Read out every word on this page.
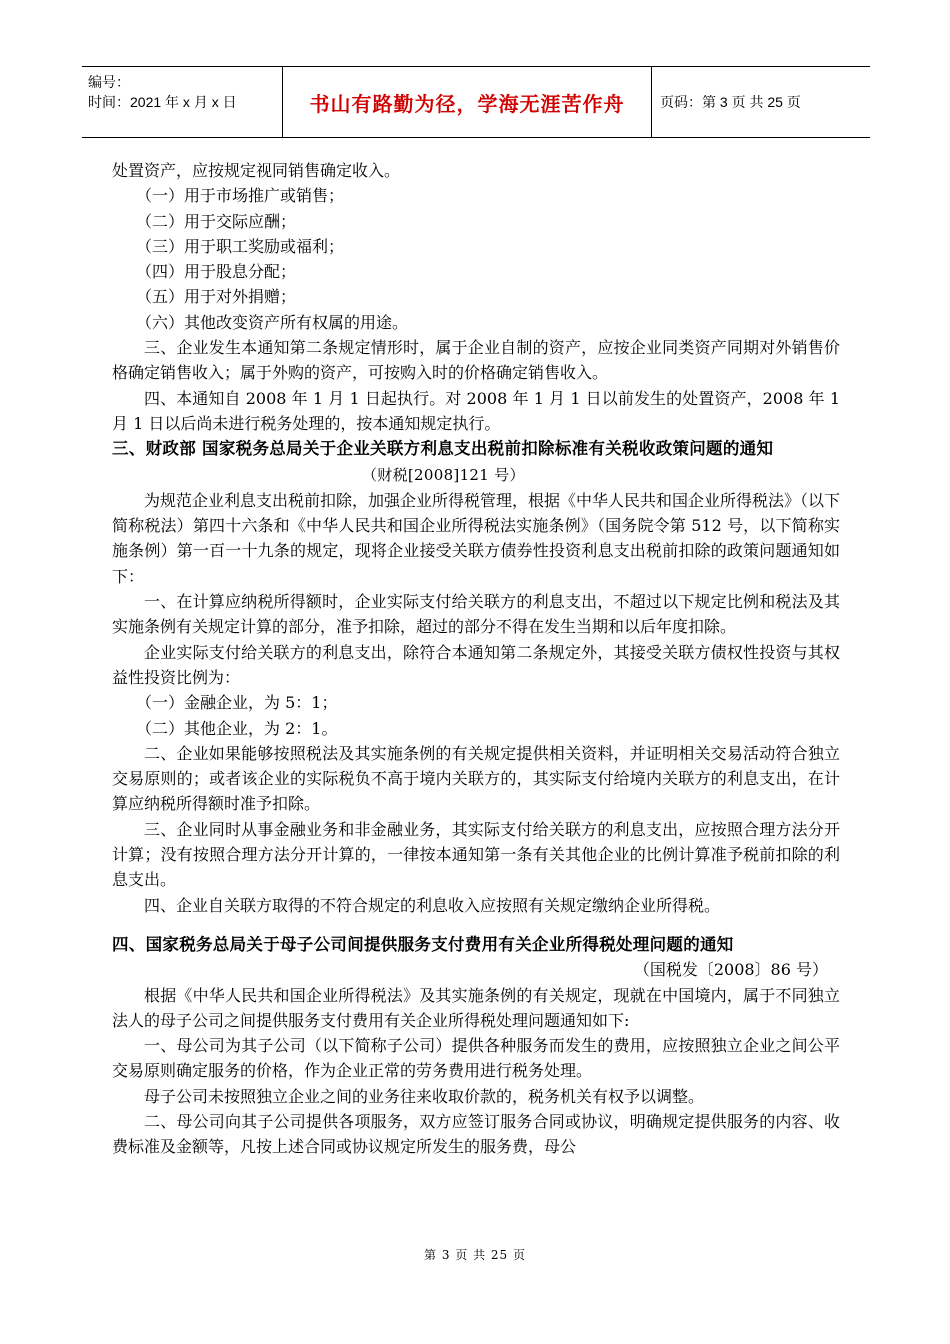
编号：
时间：2021 年 x 月 x 日	书山有路勤为径，学海无涯苦作舟	页码：第 3 页 共 25 页

处置资产，应按规定视同销售确定收入。

（一）用于市场推广或销售；

（二）用于交际应酬；

（三）用于职工奖励或福利；

（四）用于股息分配；

（五）用于对外捐赠；

（六）其他改变资产所有权属的用途。

三、企业发生本通知第二条规定情形时，属于企业自制的资产，应按企业同类资产同期对外销售价格确定销售收入；属于外购的资产，可按购入时的价格确定销售收入。

四、本通知自 2008 年 1 月 1 日起执行。对 2008 年 1 月 1 日以前发生的处置资产，2008 年 1 月 1 日以后尚未进行税务处理的，按本通知规定执行。

三、财政部 国家税务总局关于企业关联方利息支出税前扣除标准有关税收政策问题的通知（财税[2008]121 号）

为规范企业利息支出税前扣除，加强企业所得税管理，根据《中华人民共和国企业所得税法》（以下简称税法）第四十六条和《中华人民共和国企业所得税法实施条例》（国务院令第 512 号，以下简称实施条例）第一百一十九条的规定，现将企业接受关联方债券性投资利息支出税前扣除的政策问题通知如下：

一、在计算应纳税所得额时，企业实际支付给关联方的利息支出，不超过以下规定比例和税法及其实施条例有关规定计算的部分，准予扣除，超过的部分不得在发生当期和以后年度扣除。

企业实际支付给关联方的利息支出，除符合本通知第二条规定外，其接受关联方债权性投资与其权益性投资比例为：

（一）金融企业，为 5：1；

（二）其他企业，为 2：1。

二、企业如果能够按照税法及其实施条例的有关规定提供相关资料，并证明相关交易活动符合独立交易原则的；或者该企业的实际税负不高于境内关联方的，其实际支付给境内关联方的利息支出，在计算应纳税所得额时准予扣除。

三、企业同时从事金融业务和非金融业务，其实际支付给关联方的利息支出，应按照合理方法分开计算；没有按照合理方法分开计算的，一律按本通知第一条有关其他企业的比例计算准予税前扣除的利息支出。

四、企业自关联方取得的不符合规定的利息收入应按照有关规定缴纳企业所得税。

四、国家税务总局关于母子公司间提供服务支付费用有关企业所得税处理问题的通知

（国税发〔2008〕86 号）

根据《中华人民共和国企业所得税法》及其实施条例的有关规定，现就在中国境内，属于不同独立法人的母子公司之间提供服务支付费用有关企业所得税处理问题通知如下:

一、母公司为其子公司（以下简称子公司）提供各种服务而发生的费用，应按照独立企业之间公平交易原则确定服务的价格，作为企业正常的劳务费用进行税务处理。

母子公司未按照独立企业之间的业务往来收取价款的，税务机关有权予以调整。

二、母公司向其子公司提供各项服务，双方应签订服务合同或协议，明确规定提供服务的内容、收费标准及金额等，凡按上述合同或协议规定所发生的服务费，母公

第 3 页 共 25 页
